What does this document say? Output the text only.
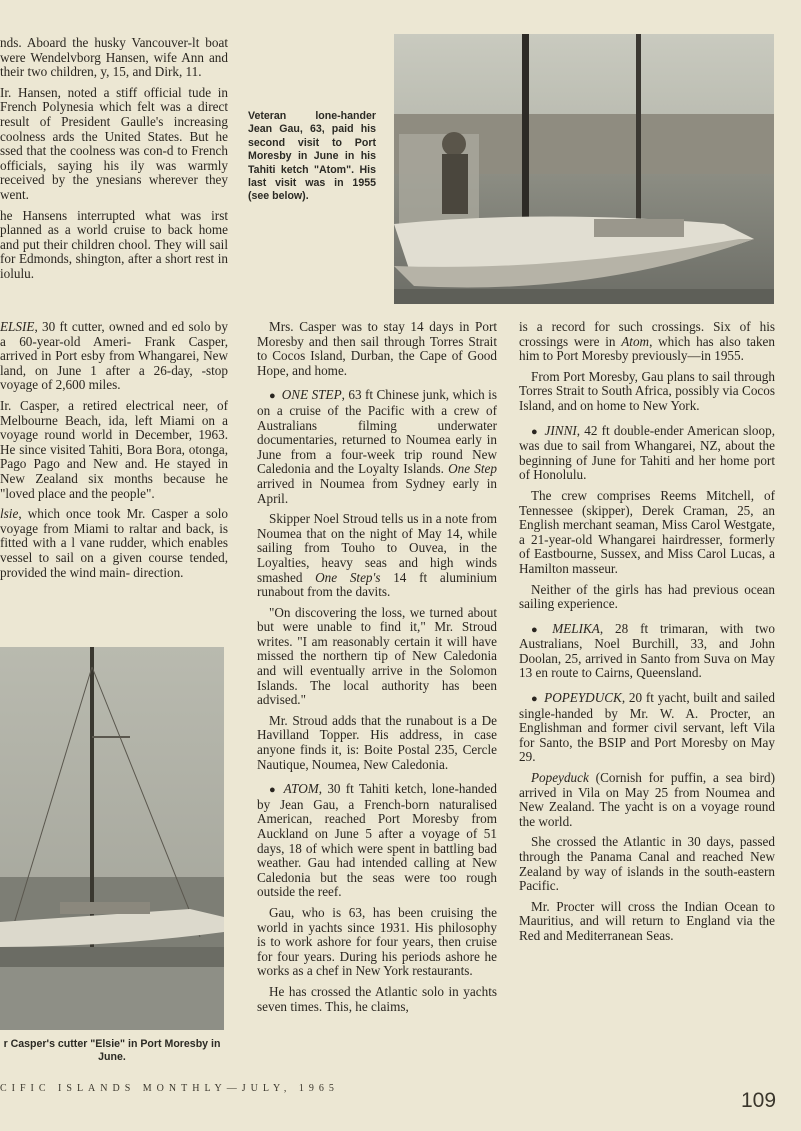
nds. Aboard the husky Vancouver-lt boat were Wendelvborg Hansen, wife Ann and their two children, y, 15, and Dirk, 11.

Ir. Hansen, noted a stiff official tude in French Polynesia which felt was a direct result of President Gaulle's increasing coolness ards the United States. But he ssed that the coolness was con-d to French officials, saying his ily was warmly received by the ynesians wherever they went.

he Hansens interrupted what was irst planned as a world cruise to back home and put their children chool. They will sail for Edmonds, shington, after a short rest in iolulu.

Veteran lone-hander Jean Gau, 63, paid his second visit to Port Moresby in June in his Tahiti ketch "Atom". His last visit was in 1955 (see below).

ELSIE, 30 ft cutter, owned and ed solo by a 60-year-old Ameri- Frank Casper, arrived in Port esby from Whangarei, New land, on June 1 after a 26-day, -stop voyage of 2,600 miles.

Ir. Casper, a retired electrical neer, of Melbourne Beach, ida, left Miami on a voyage round world in December, 1963. He since visited Tahiti, Bora Bora, otonga, Pago Pago and New and. He stayed in New Zealand six months because he "loved place and the people".

lsie, which once took Mr. Casper a solo voyage from Miami to raltar and back, is fitted with a l vane rudder, which enables vessel to sail on a given course tended, provided the wind main- direction.

r Casper's cutter "Elsie" in Port Moresby in June.

Mrs. Casper was to stay 14 days in Port Moresby and then sail through Torres Strait to Cocos Island, Durban, the Cape of Good Hope, and home.

● ONE STEP, 63 ft Chinese junk, which is on a cruise of the Pacific with a crew of Australians filming underwater documentaries, returned to Noumea early in June from a four-week trip round New Caledonia and the Loyalty Islands. One Step arrived in Noumea from Sydney early in April.

Skipper Noel Stroud tells us in a note from Noumea that on the night of May 14, while sailing from Touho to Ouvea, in the Loyalties, heavy seas and high winds smashed One Step's 14 ft aluminium runabout from the davits.

"On discovering the loss, we turned about but were unable to find it," Mr. Stroud writes. "I am reasonably certain it will have missed the northern tip of New Caledonia and will eventually arrive in the Solomon Islands. The local authority has been advised."

Mr. Stroud adds that the runabout is a De Havilland Topper. His address, in case anyone finds it, is: Boite Postal 235, Cercle Nautique, Noumea, New Caledonia.

● ATOM, 30 ft Tahiti ketch, lone-handed by Jean Gau, a French-born naturalised American, reached Port Moresby from Auckland on June 5 after a voyage of 51 days, 18 of which were spent in battling bad weather. Gau had intended calling at New Caledonia but the seas were too rough outside the reef.

Gau, who is 63, has been cruising the world in yachts since 1931. His philosophy is to work ashore for four years, then cruise for four years. During his periods ashore he works as a chef in New York restaurants.

He has crossed the Atlantic solo in yachts seven times. This, he claims,

is a record for such crossings. Six of his crossings were in Atom, which has also taken him to Port Moresby previously—in 1955.

From Port Moresby, Gau plans to sail through Torres Strait to South Africa, possibly via Cocos Island, and on home to New York.

● JINNI, 42 ft double-ender American sloop, was due to sail from Whangarei, NZ, about the beginning of June for Tahiti and her home port of Honolulu.

The crew comprises Reems Mitchell, of Tennessee (skipper), Derek Craman, 25, an English merchant seaman, Miss Carol Westgate, a 21-year-old Whangarei hairdresser, formerly of Eastbourne, Sussex, and Miss Carol Lucas, a Hamilton masseur.

Neither of the girls has had previous ocean sailing experience.

● MELIKA, 28 ft trimaran, with two Australians, Noel Burchill, 33, and John Doolan, 25, arrived in Santo from Suva on May 13 en route to Cairns, Queensland.

● POPEYDUCK, 20 ft yacht, built and sailed single-handed by Mr. W. A. Procter, an Englishman and former civil servant, left Vila for Santo, the BSIP and Port Moresby on May 29.

Popeyduck (Cornish for puffin, a sea bird) arrived in Vila on May 25 from Noumea and New Zealand. The yacht is on a voyage round the world.

She crossed the Atlantic in 30 days, passed through the Panama Canal and reached New Zealand by way of islands in the south-eastern Pacific.

Mr. Procter will cross the Indian Ocean to Mauritius, and will return to England via the Red and Mediterranean Seas.

CIFIC ISLANDS MONTHLY—JULY, 1965
109
